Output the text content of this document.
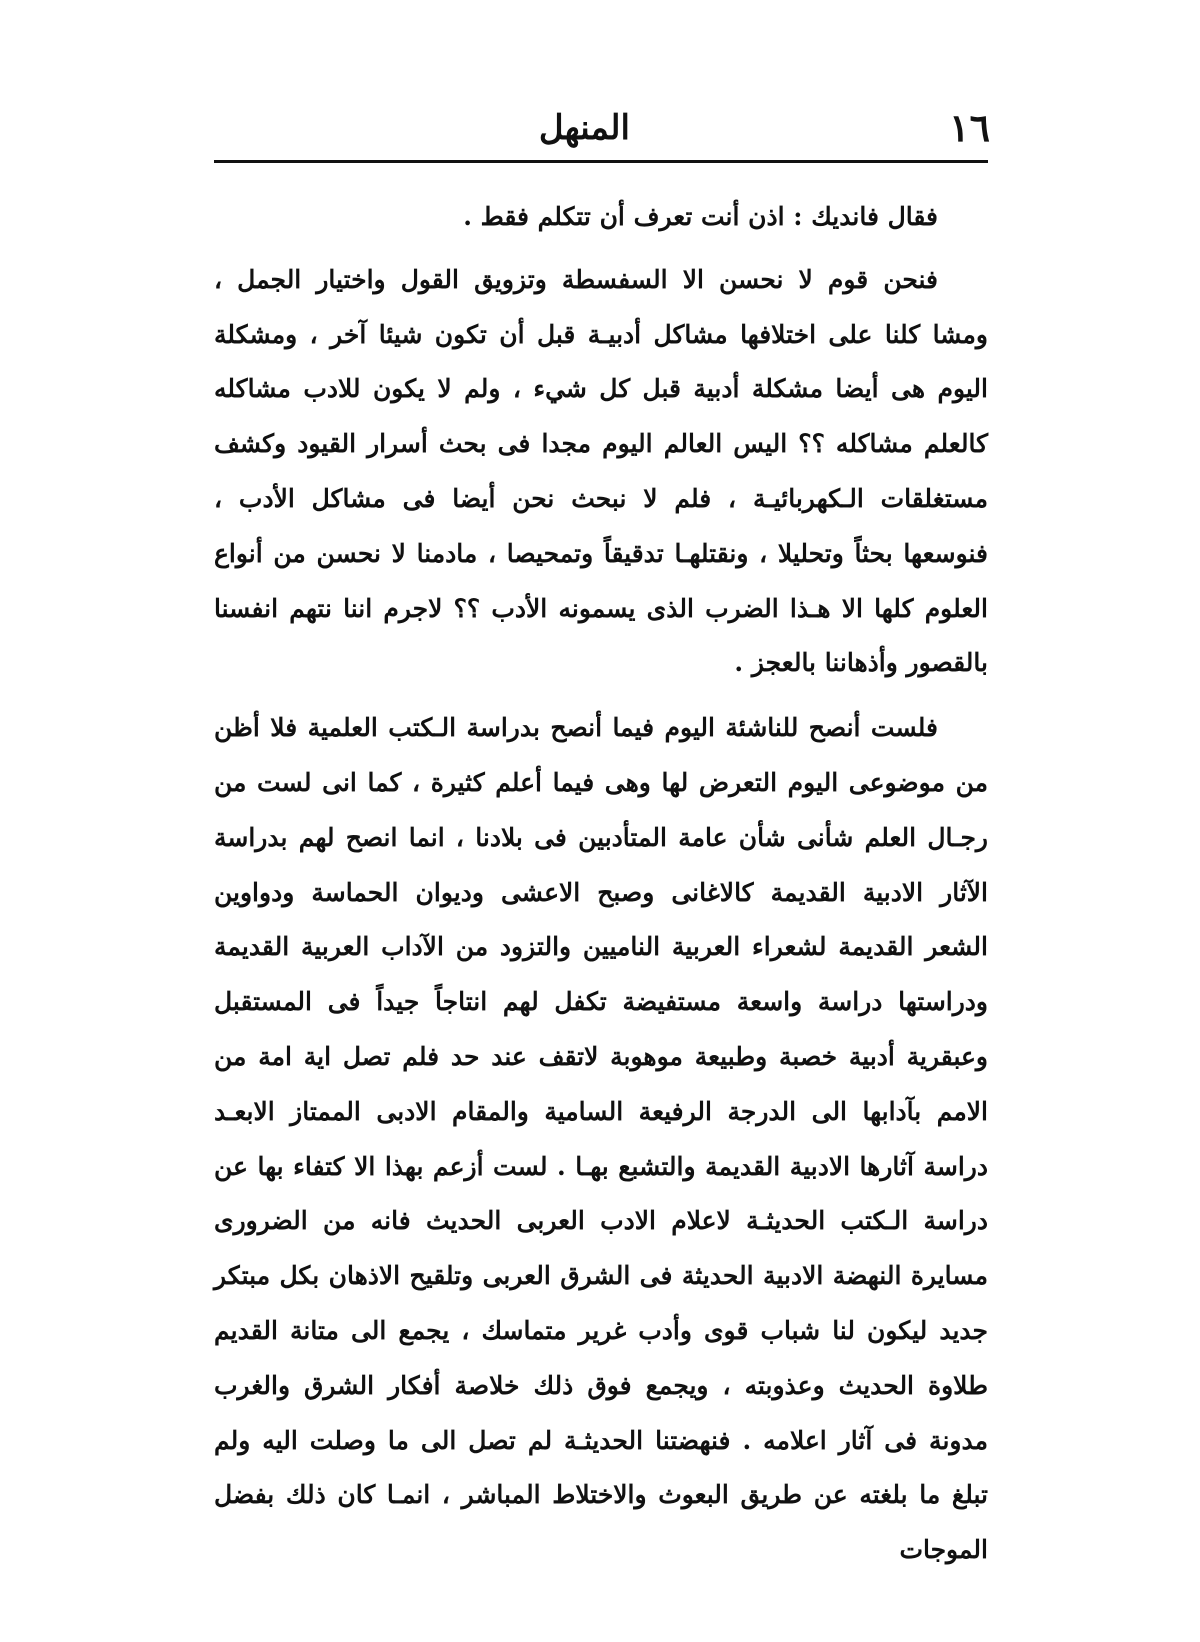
١٦
المنهل

فقال فانديك : اذن أنت تعرف أن تتكلم فقط .

فنحن قوم لا نحسن الا السفسطة وتزويق القول واختيار الجمل ، ومشا كلنا على اختلافها مشاكل أدبيـة قبل أن تكون شيئا آخر ، ومشكلة اليوم هى أيضا مشكلة أدبية قبل كل شيء ، ولم لا يكون للادب مشاكله كالعلم مشاكله ؟؟ اليس العالم اليوم مجدا فى بحث أسرار القيود وكشف مستغلقات الـكهربائيـة ، فلم لا نبحث نحن أيضا فى مشاكل الأدب ، فنوسعها بحثاً وتحليلا ، ونقتلهـا تدقيقاً وتمحيصا ، مادمنا لا نحسن من أنواع العلوم كلها الا هـذا الضرب الذى يسمونه الأدب ؟؟ لاجرم اننا نتهم انفسنا بالقصور وأذهاننا بالعجز .

فلست أنصح للناشئة اليوم فيما أنصح بدراسة الـكتب العلمية فلا أظن من موضوعى اليوم التعرض لها وهى فيما أعلم كثيرة ، كما انى لست من رجـال العلم شأنى شأن عامة المتأدبين فى بلادنا ، انما انصح لهم بدراسة الآثار الادبية القديمة كالاغانى وصبح الاعشى وديوان الحماسة ودواوين الشعر القديمة لشعراء العربية الناميين والتزود من الآداب العربية القديمة ودراستها دراسة واسعة مستفيضة تكفل لهم انتاجاً جيداً فى المستقبل وعبقرية أدبية خصبة وطبيعة موهوبة لاتقف عند حد فلم تصل اية امة من الامم بآدابها الى الدرجة الرفيعة السامية والمقام الادبى الممتاز الابعـد دراسة آثارها الادبية القديمة والتشبع بهـا . لست أزعم بهذا الا كتفاء بها عن دراسة الـكتب الحديثـة لاعلام الادب العربى الحديث فانه من الضرورى مسايرة النهضة الادبية الحديثة فى الشرق العربى وتلقيح الاذهان بكل مبتكر جديد ليكون لنا شباب قوى وأدب غرير متماسك ، يجمع الى متانة القديم طلاوة الحديث وعذوبته ، ويجمع فوق ذلك خلاصة أفكار الشرق والغرب مدونة فى آثار اعلامه . فنهضتنا الحديثـة لم تصل الى ما وصلت اليه ولم تبلغ ما بلغته عن طريق البعوث والاختلاط المباشر ، انمـا كان ذلك بفضل الموجات
